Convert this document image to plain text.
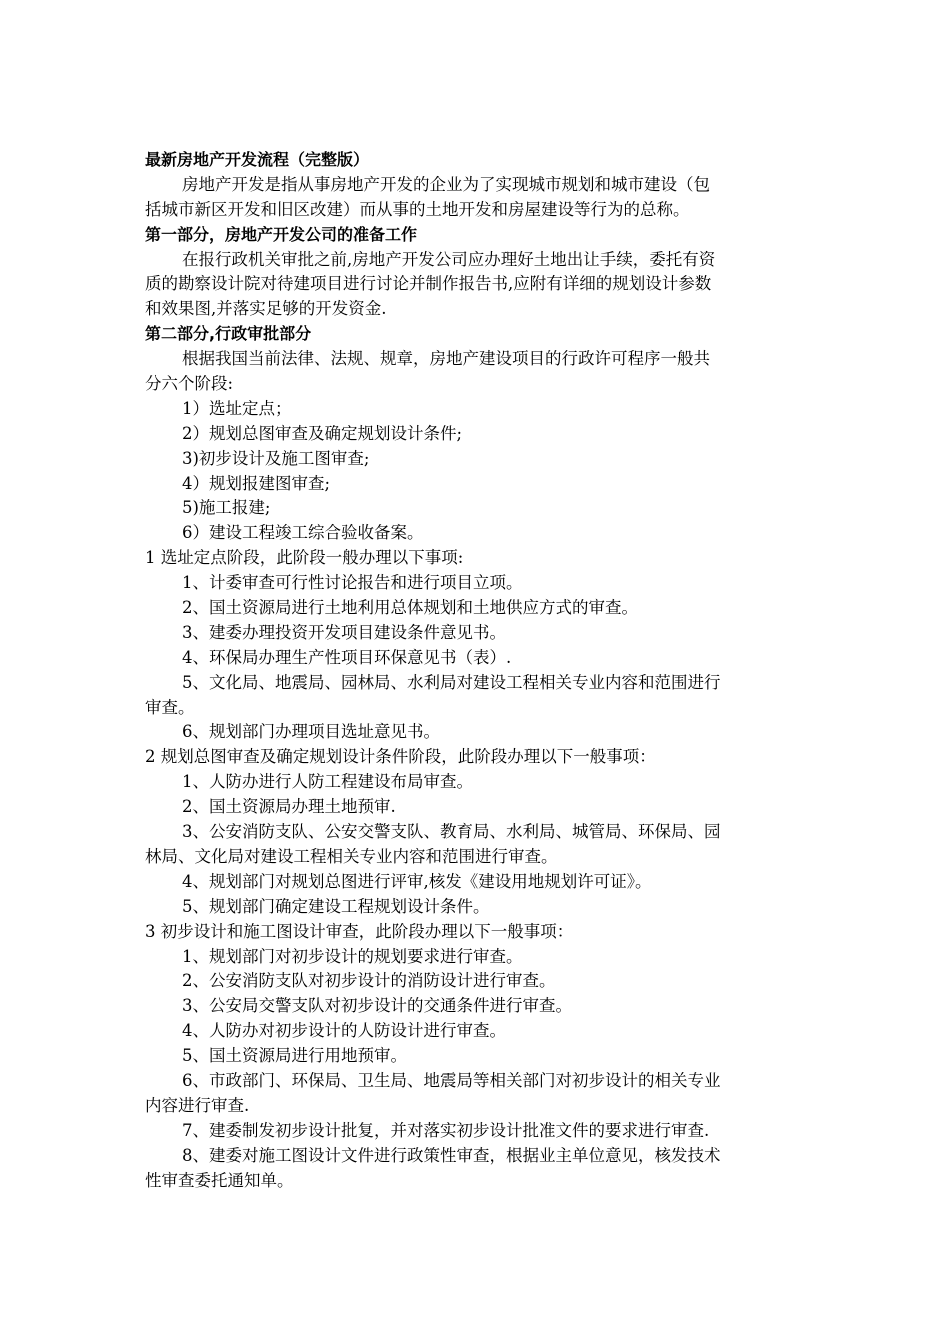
最新房地产开发流程（完整版）
房地产开发是指从事房地产开发的企业为了实现城市规划和城市建设（包
括城市新区开发和旧区改建）而从事的土地开发和房屋建设等行为的总称。
第一部分，房地产开发公司的准备工作
在报行政机关审批之前,房地产开发公司应办理好土地出让手续，委托有资
质的勘察设计院对待建项目进行讨论并制作报告书,应附有详细的规划设计参数
和效果图,并落实足够的开发资金.
第二部分,行政审批部分
根据我国当前法律、法规、规章，房地产建设项目的行政许可程序一般共
分六个阶段:
1）选址定点；
2）规划总图审查及确定规划设计条件;
3)初步设计及施工图审查;
4）规划报建图审查;
5)施工报建;
6）建设工程竣工综合验收备案。
1 选址定点阶段，此阶段一般办理以下事项:
1、计委审查可行性讨论报告和进行项目立项。
2、国土资源局进行土地利用总体规划和土地供应方式的审查。
3、建委办理投资开发项目建设条件意见书。
4、环保局办理生产性项目环保意见书（表）.
5、文化局、地震局、园林局、水利局对建设工程相关专业内容和范围进行
审查。
6、规划部门办理项目选址意见书。
2 规划总图审查及确定规划设计条件阶段，此阶段办理以下一般事项：
1、人防办进行人防工程建设布局审查。
2、国土资源局办理土地预审.
3、公安消防支队、公安交警支队、教育局、水利局、城管局、环保局、园
林局、文化局对建设工程相关专业内容和范围进行审查。
4、规划部门对规划总图进行评审,核发《建设用地规划许可证》。
5、规划部门确定建设工程规划设计条件。
3 初步设计和施工图设计审查，此阶段办理以下一般事项：
1、规划部门对初步设计的规划要求进行审查。
2、公安消防支队对初步设计的消防设计进行审查。
3、公安局交警支队对初步设计的交通条件进行审查。
4、人防办对初步设计的人防设计进行审查。
5、国土资源局进行用地预审。
6、市政部门、环保局、卫生局、地震局等相关部门对初步设计的相关专业
内容进行审查.
7、建委制发初步设计批复，并对落实初步设计批准文件的要求进行审查.
8、建委对施工图设计文件进行政策性审查，根据业主单位意见，核发技术
性审查委托通知单。
